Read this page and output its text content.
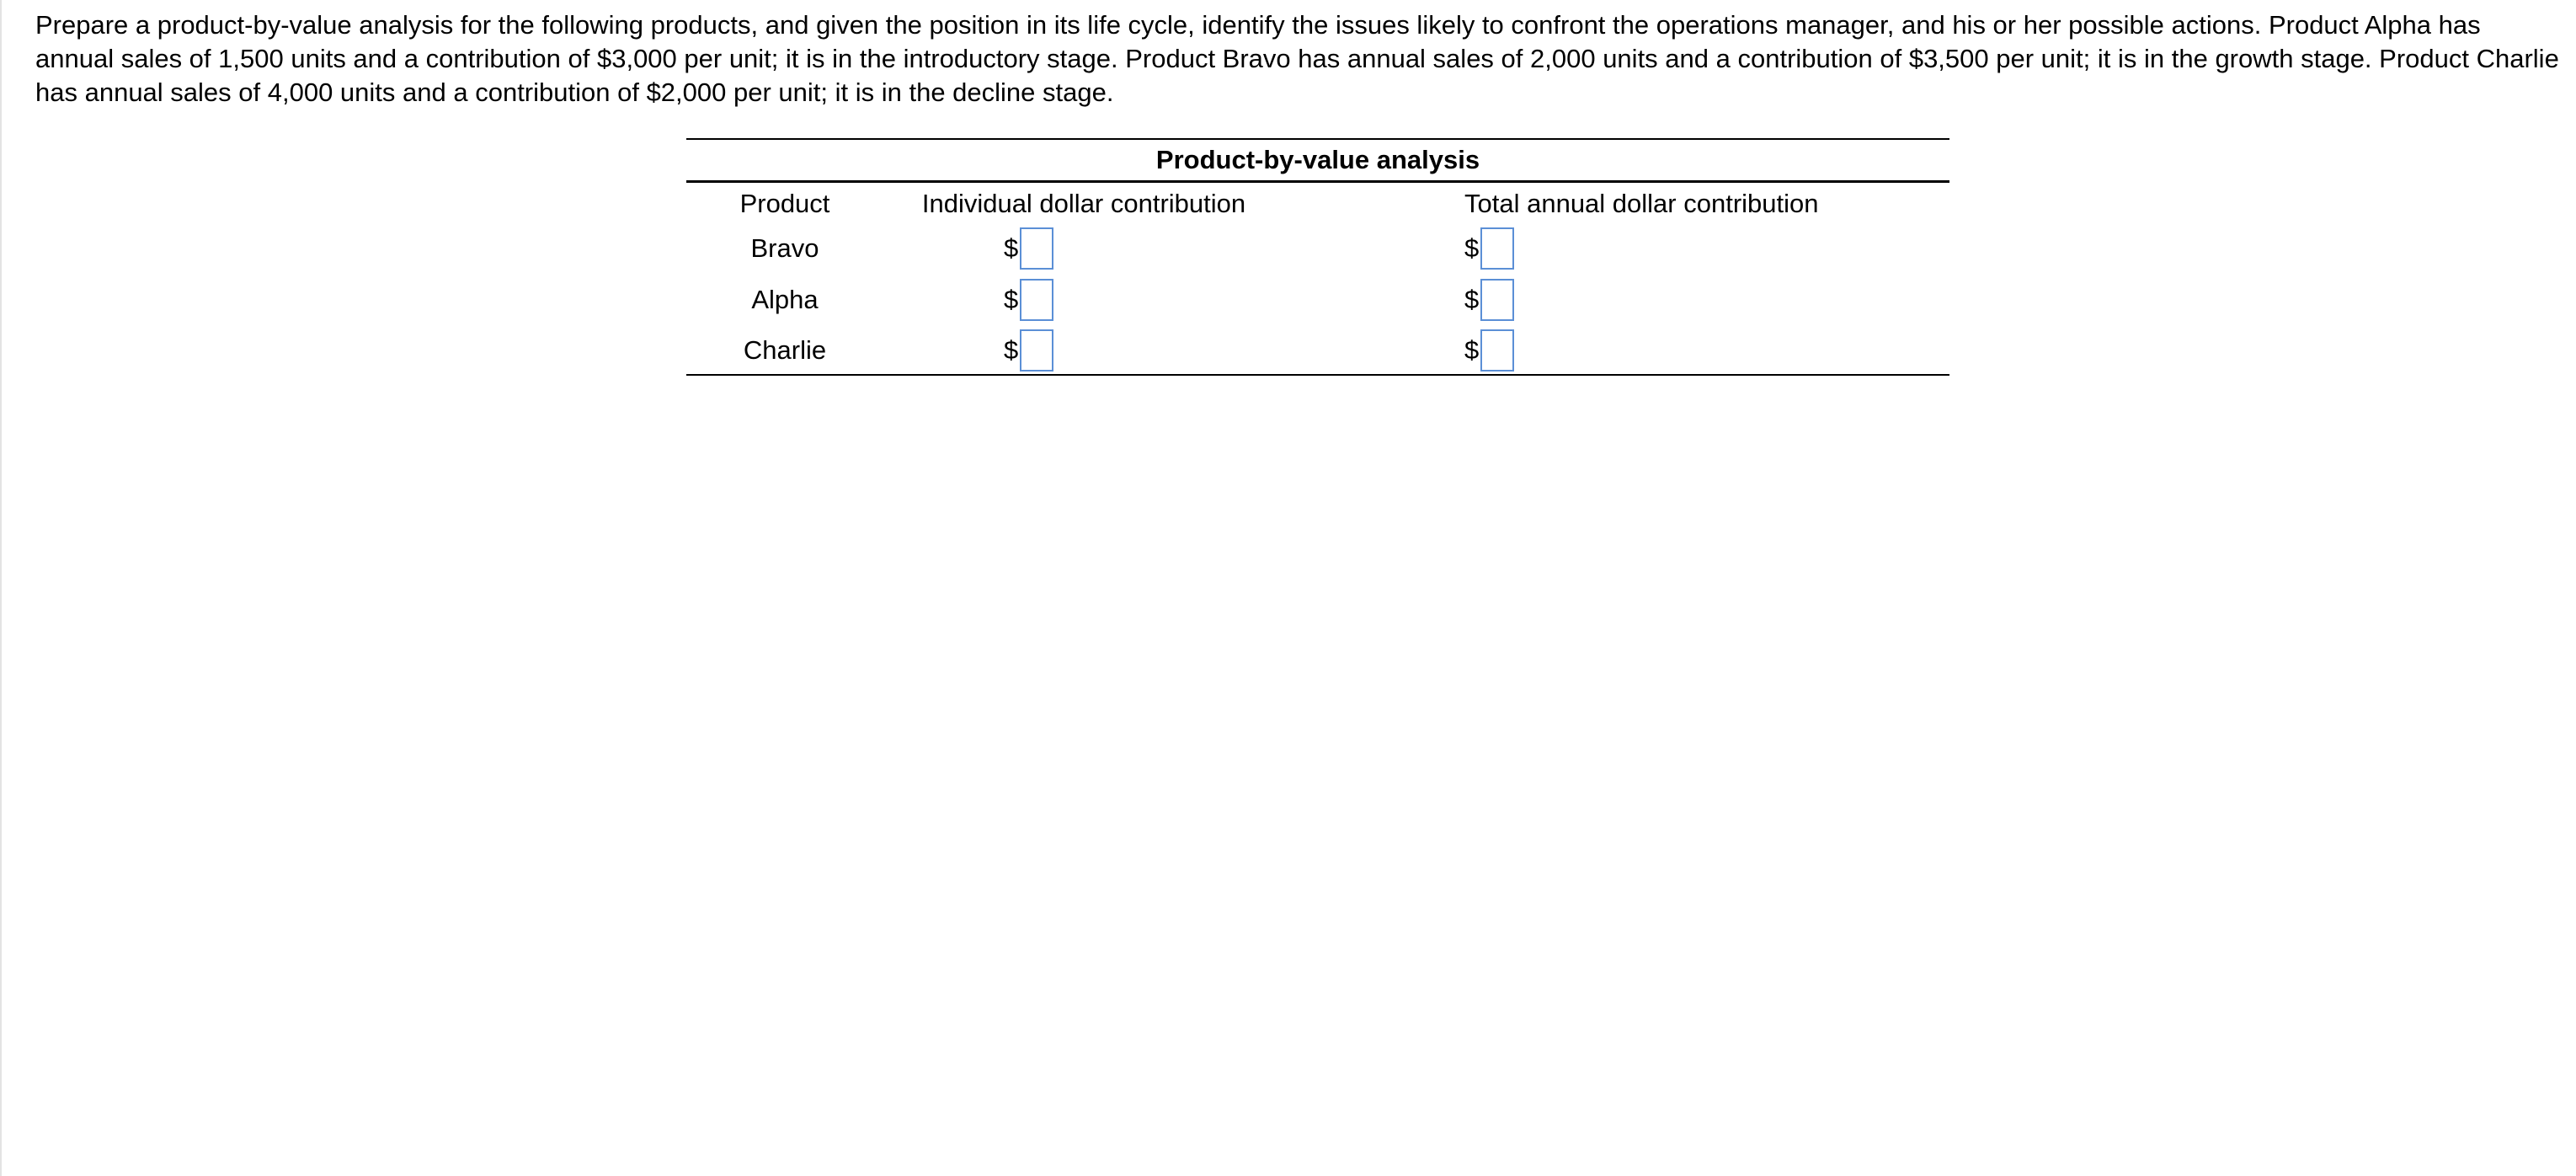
Prepare a product-by-value analysis for the following products, and given the position in its life cycle, identify the issues likely to confront the operations manager, and his or her possible actions. Product Alpha has annual sales of 1,500 units and a contribution of $3,000 per unit; it is in the introductory stage. Product Bravo has annual sales of 2,000 units and a contribution of $3,500 per unit; it is in the growth stage. Product Charlie has annual sales of 4,000 units and a contribution of $2,000 per unit; it is in the decline stage.
Product-by-value analysis
Product	Individual dollar contribution	Total annual dollar contribution
Bravo	$	$
Alpha	$	$
Charlie	$	$
